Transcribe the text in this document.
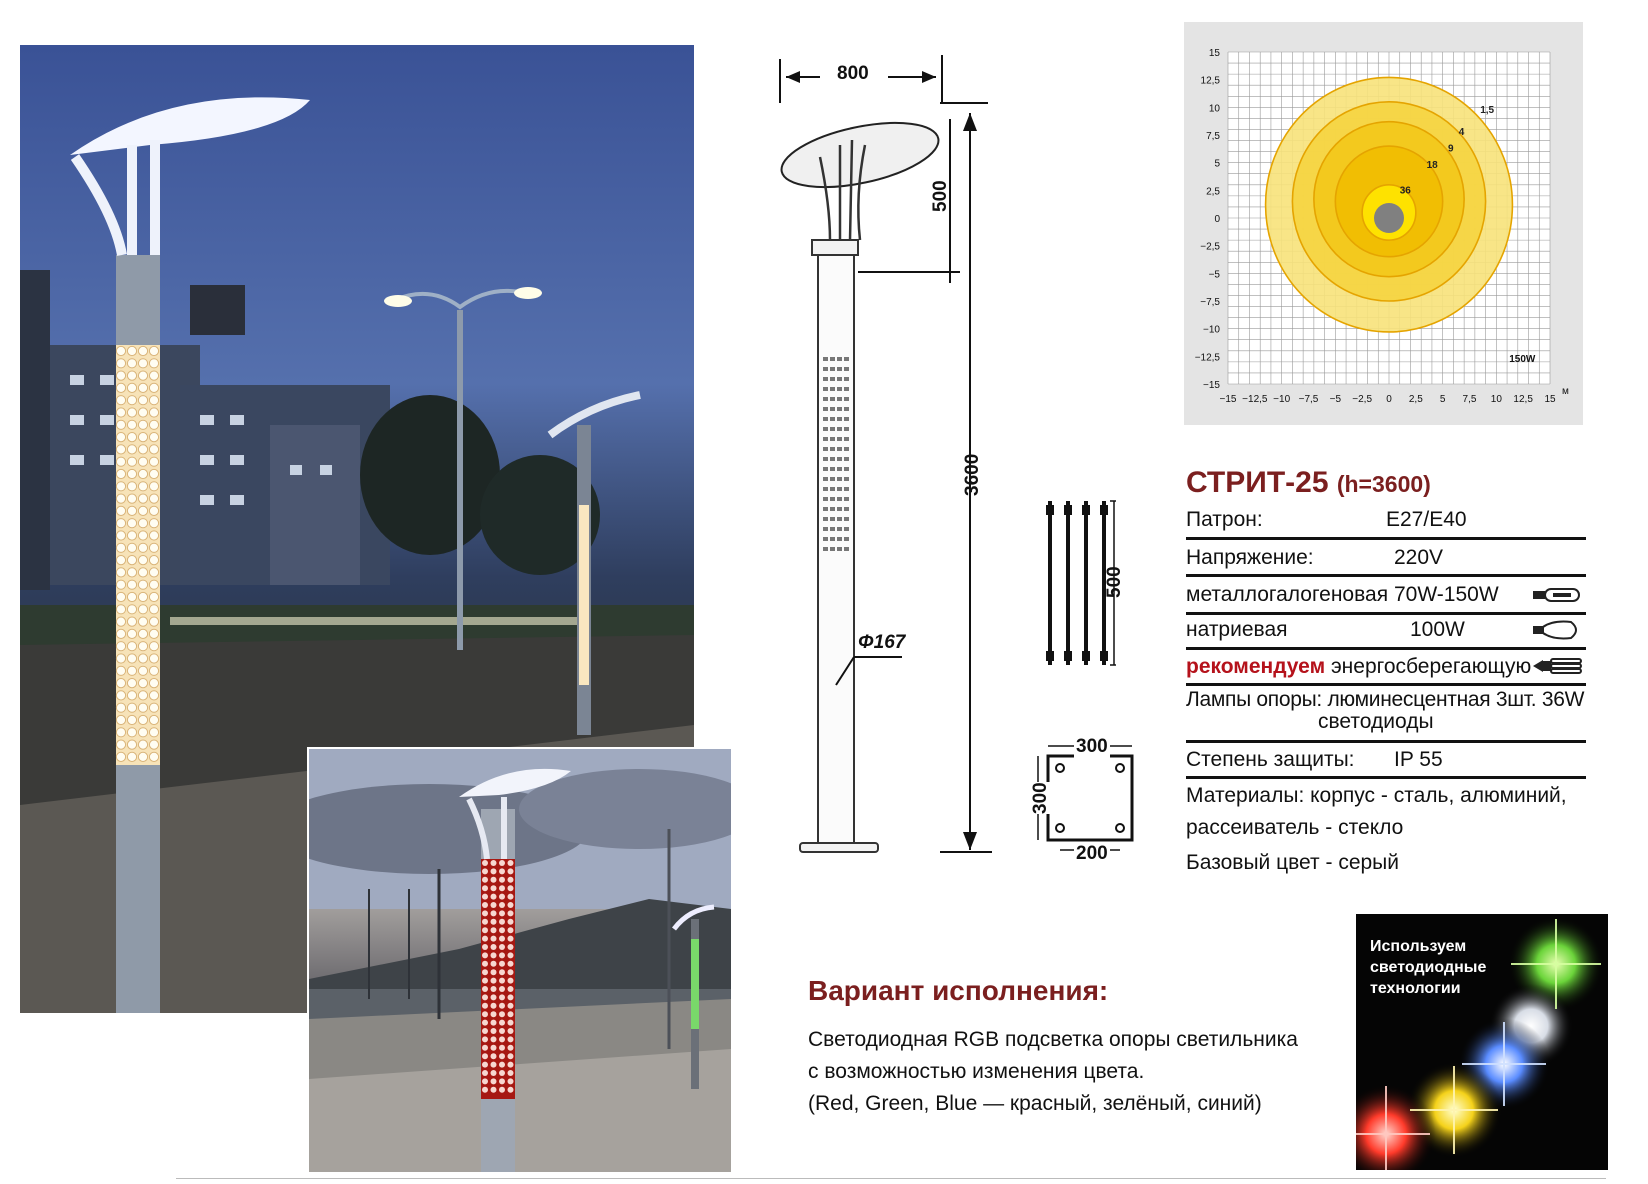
800
500
3600
Φ167
500
300
300
200
1,5
4
9
18
36
15
12,5
10
7,5
5
2,5
0
−2,5
−5
−7,5
−10
−12,5
−15
−15 −12,5 −10 −7,5 −5 −2,5 0 2,5 5 7,5 10 12,5 15
м
150W
СТРИТ-25 (h=3600)
Патрон:	E27/E40
Напряжение:	220V
металлогалогеновая 70W-150W
натриевая	100W
рекомендуем энергосберегающую
Лампы опоры: люминесцентная 3шт. 36W
светодиоды
Степень защиты: IP 55
Материалы: корпус - сталь, алюминий,
рассеиватель - стекло
Базовый цвет - серый
Вариант исполнения:
Светодиодная RGB подсветка опоры светильника
с возможностью изменения цвета.
(Red, Green, Blue — красный, зелёный, синий)
Используем
светодиодные
технологии
